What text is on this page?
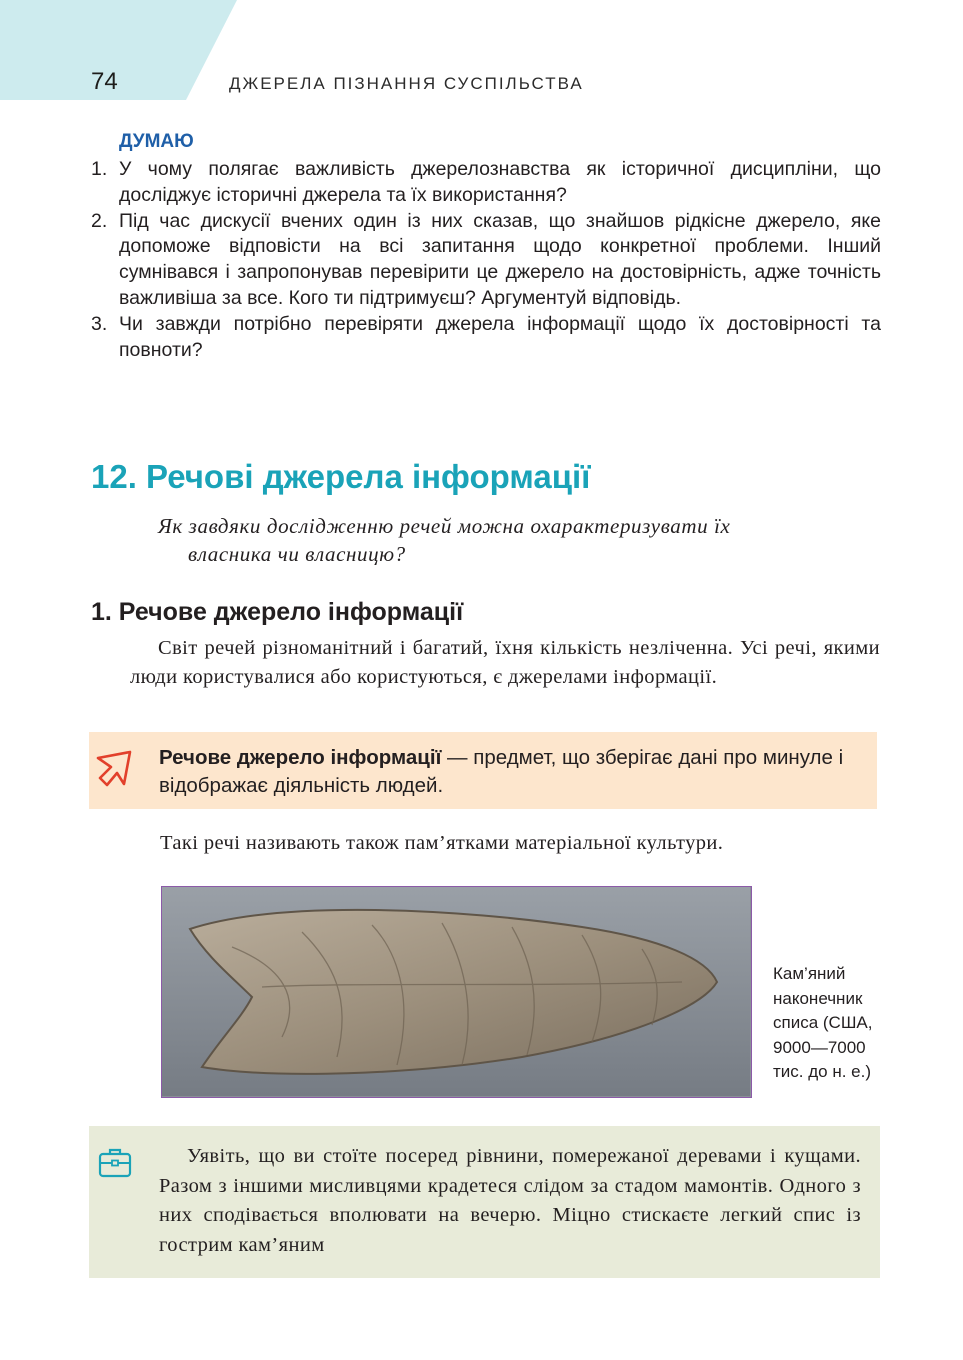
74	ДЖЕРЕЛА ПІЗНАННЯ СУСПІЛЬСТВА
ДУМАЮ
1. У чому полягає важливість джерелознавства як історичної дисципліни, що досліджує історичні джерела та їх використання?
2. Під час дискусії вчених один із них сказав, що знайшов рідкісне джерело, яке допоможе відповісти на всі запитання щодо конкретної проблеми. Інший сумнівався і запропонував перевірити це джерело на достовірність, адже точність важливіша за все. Кого ти підтримуєш? Аргументуй відповідь.
3. Чи завжди потрібно перевіряти джерела інформації щодо їх достовірності та повноти?
12. Речові джерела інформації
Як завдяки дослідженню речей можна охарактеризувати їх
власника чи власницю?
1. Речове джерело інформації

Світ речей різноманітний і багатий, їхня кількість незліченна. Усі речі, якими люди користувалися або користуються, є джерелами інформації.

Речове джерело інформації — предмет, що зберігає дані про минуле і відображає діяльність людей.

Такі речі називають також пам’ятками матеріальної культури.

Кам’яний наконечник списа (США, 9000—7000 тис. до н. е.)

Уявіть, що ви стоїте посеред рівнини, помережаної деревами і кущами. Разом з іншими мисливцями крадетеся слідом за стадом мамонтів. Одного з них сподівається вполювати на вечерю. Міцно стискаєте легкий спис із гострим кам’яним
